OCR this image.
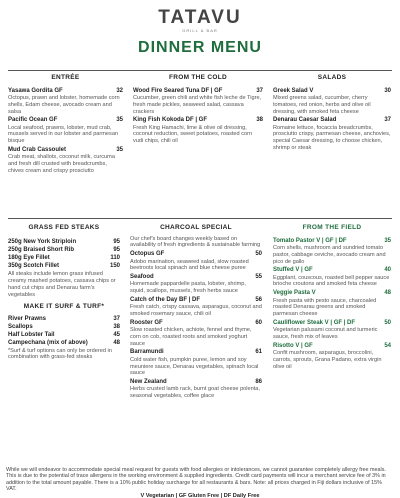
TATAVU
GRILL & BAR
DINNER MENU
ENTRÉE
Yasawa Gordita GF	32
Octopus, prawn and lobster, homemade corn shells, Edam cheese, avocado cream and salsa
Pacific Ocean GF	35
Local seafood, prawns, lobster, mud crab, mussels served in our lobster and parmesan bisque
Mud Crab Cassoulet	35
Crab meat, shallots, coconut milk, curcuma and fresh dill crusted with breadcrumbs, chives cream and crispy prosciutto
FROM THE COLD
Wood Fire Seared Tuna DF | GF	37
Cucumber, green chili and white fish leche de Tigre, fresh made pickles, seaweed salad, cassava crackers
King Fish Kokoda DF | GF	38
Fresh King Hamachi, lime & olive oil dressing, coconut reduction, sweet potatoes, roasted corn vudi chips, chili oil
SALADS
Greek Salad V	30
Mixed greens salad, cucumber, cherry tomatoes, red onion, herbs and olive oil dressing, with smoked feta cheese
Denarau Caesar Salad	37
Romaine lettuce, focaccia breadcrumbs, prosciutto crispy, parmesan cheese, anchovies, special Caesar dressing, to choose chicken, shrimp or steak
GRASS FED STEAKS
250g New York Striploin	95
250g Braised Short Rib	95
180g Eye Fillet	110
350g Scotch Fillet	150
All steaks include lemon grass infused creamy mashed potatoes, cassava chips or hand cut chips and Denarau farm's vegetables
MAKE IT SURF & TURF*
River Prawns	37
Scallops	38
Half Lobster Tail	45
Campechana (mix of above)	48
*Surf & turf options can only be ordered in combination with grass-fed steaks
CHARCOAL SPECIAL
Our chef's board changes weekly based on availability of fresh ingredients & sustainable farming
Octopus GF	50
Adobo marination, seaweed salad, slow roasted beetroots local spinach and blue cheese puree
Seafood	55
Homemade pappardelle pasta, lobster, shrimp, squid, scallops, mussels, fresh herbs sauce
Catch of the Day BF | DF	56
Fresh catch, crispy cassava, asparagus, coconut and smoked rosemary sauce, chili oil
Rooster GF	60
Slow roasted chicken, achiote, fennel and thyme, corn on cob, roasted roots and smoked yoghurt sauce
Barramundi	61
Cold water fish, pumpkin puree, lemon and soy meuniere sauce, Denarau vegetables, spinach local sauce
New Zealand	86
Herbs crusted lamb rack, burnt goat cheese polenta, seasonal vegetables, coffee glace
FROM THE FIELD
Tomato Pastor V | GF | DF	35
Corn shells, mushroom and sundried tomato pastor, cabbage ceviche, avocado cream and pico de gallo
Stuffed V | GF	40
Eggplant, couscous, roasted bell pepper sauce brioche croutons and smoked feta cheese
Veggie Pasta V	48
Fresh pasta with pesto sauce, charcoaled roasted Denarau greens and smoked parmesan cheese
Cauliflower Steak V | GF | DF	50
Vegetarian palusami coconut and turmeric sauce, fresh mix of leaves
Risotto V | GF	54
Confit mushroom, asparagus, broccolini, carrots, sprouts, Grana Padano, extra virgin olive oil
While we will endeavor to accommodate special meal request for guests with food allergies or intolerances, we cannot guarantee completely allergy free meals. This is due to the potential of trace allergens in the working environment & supplied ingredients. Credit card payments will incur a merchant service fee of 3% in addition to the total amount payable. There is a 10% public holiday surcharge for all restaurants & bars. Note: all prices charged in Fiji dollars inclusive of 15% VAT.
V Vegetarian | GF Gluten Free | DF Daily Free
